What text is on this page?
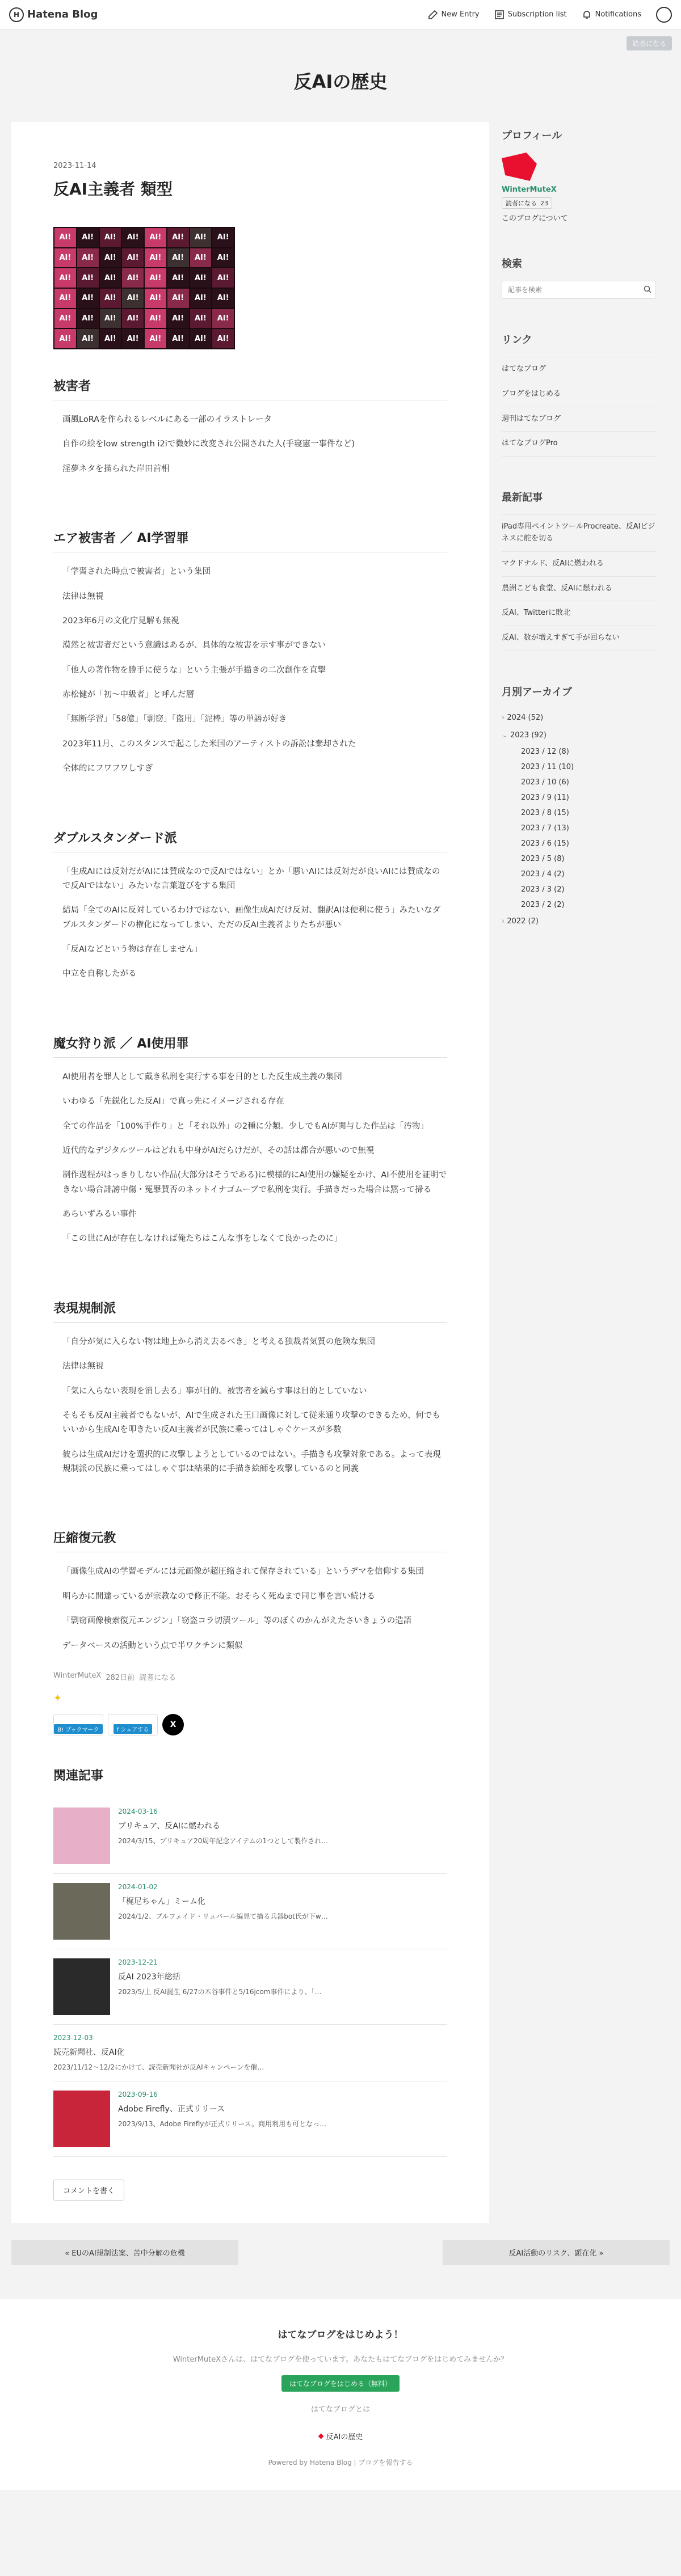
H Hatena Blog	New Entry	Subscription list	Notifications
読者になる
反AIの歴史
2023-11-14
反AI主義者 類型
AI!	AI!	AI!	AI!	AI!	AI!	AI!	AI!
AI!	AI!	AI!	AI!	AI!	AI!	AI!	AI!
AI!	AI!	AI!	AI!	AI!	AI!	AI!	AI!
AI!	AI!	AI!	AI!	AI!	AI!	AI!	AI!
AI!	AI!	AI!	AI!	AI!	AI!	AI!	AI!
AI!	AI!	AI!	AI!	AI!	AI!	AI!	AI!
被害者

画風LoRAを作られるレベルにある一部のイラストレータ

自作の絵をlow strength i2iで微妙に改変され公開された人(手寝憲一事件など)

淫夢ネタを描られた岸田首相

エア被害者 ／ AI学習罪

「学習された時点で被害者」という集団

法律は無視

2023年6月の文化庁見解も無視

漠然と被害者だという意識はあるが、具体的な被害を示す事ができない

「他人の著作物を勝手に使うな」という主張が手描きの二次創作を直撃

赤松健が「初〜中級者」と呼んだ層

「無断学習」「58億」「剽窃」「盗用」「泥棒」等の単語が好き

2023年11月、このスタンスで起こした米国のアーティストの訴訟は棄却された

全体的にフワフワしすぎ

ダブルスタンダード派

「生成AIには反対だがAIには賛成なので反AIではない」とか「悪いAIには反対だが良いAIには賛成なので反AIではない」みたいな言葉遊びをする集団

結局「全てのAIに反対しているわけではない、画像生成AIだけ反対、翻訳AIは便利に使う」みたいなダブルスタンダードの権化になってしまい、ただの反AI主義者よりたちが悪い

「反AIなどという物は存在しません」

中立を自称したがる

魔女狩り派 ／ AI使用罪

AI使用者を罪人として戴き私刑を実行する事を目的とした反生成主義の集団

いわゆる「先鋭化した反AI」で真っ先にイメージされる存在

全ての作品を「100%手作り」と「それ以外」の2種に分類。少しでもAIが関与した作品は「汚物」

近代的なデジタルツールはどれも中身がAIだらけだが、その話は都合が悪いので無視

制作過程がはっきりしない作品(大部分はそうである)に模様的にAI使用の嫌疑をかけ、AI不使用を証明できない場合誹謗中傷・冤罪賛否のネットイナゴムーブで私刑を実行。手描きだった場合は黙って掃る

あらいずみるい事件

「この世にAIが存在しなければ俺たちはこんな事をしなくて良かったのに」

表現規制派

「自分が気に入らない物は地上から消え去るべき」と考える独裁者気質の危険な集団

法律は無視

「気に入らない表現を消し去る」事が目的。被害者を減らす事は目的としていない

そもそも反AI主義者でもないが、AIで生成された王口画像に対して従来通り攻撃のできるため、何でもいいから生成AIを叩きたい反AI主義者が民族に乗ってはしゃぐケースが多数

彼らは生成AIだけを選択的に攻撃しようとしているのではない。手描きも攻撃対象である。よって表現規制派の民族に乗ってはしゃぐ事は結果的に手描き絵師を攻撃しているのと同義

圧縮復元教

「画像生成AIの学習モデルには元画像が超圧縮されて保存されている」というデマを信仰する集団

明らかに間違っているが宗教なので修正不能。おそらく死ぬまで同じ事を言い続ける

「剽窃画像検索復元エンジン」「窃盗コラ切漬ツール」等のぼくのかんがえたさいきょうの造語

データベースの活動という点で半ワクチンに類似

WinterMuteX 282日前 読者になる
✦
B! ブックマーク	f シェアする
X
関連記事
2024-03-16
プリキュア、反AIに燃われる
2024/3/15、プリキュア20周年記念アイテムの1つとして製作され…
2024-01-02
「梶尼ちゃん」ミーム化
2024/1/2、ブルフェイド・リュバール編見て描る兵器bot氏が下w…
2023-12-21
反AI 2023年総括
2023/5/上 反AI誕生 6/27の木谷事件と5/16jcom事件により、「…
2023-12-03
読売新聞社、反AI化
2023/11/12〜12/2にかけて、読売新聞社が反AIキャンペーンを催…
2023-09-16
Adobe Firefly、正式リリース
2023/9/13、Adobe Fireflyが正式リリース。商用利用も可となっ…
コメントを書く
プロフィール
WinterMuteX
読者になる 23
このブログについて
検索
記事を検索
リンク
はてなブログ
ブログをはじめる
週刊はてなブログ
はてなブログPro
最新記事
iPad専用ペイントツールProcreate、反AIビジネスに舵を切る
マクドナルド、反AIに燃われる
農洲こども食堂、反AIに燃われる
反AI、Twitterに敗北
反AI、数が増えすぎて手が回らない
月別アーカイブ
› 2024 (52)
⌄ 2023 (92)
2023 / 12 (8)
2023 / 11 (10)
2023 / 10 (6)
2023 / 9 (11)
2023 / 8 (15)
2023 / 7 (13)
2023 / 6 (15)
2023 / 5 (8)
2023 / 4 (2)
2023 / 3 (2)
2023 / 2 (2)
› 2022 (2)
« EUのAI規制法案、苦中分解の危機	反AI活動のリスク、顕在化 »
はてなブログをはじめよう！
WinterMuteXさんは、はてなブログを使っています。あなたもはてなブログをはじめてみませんか？
はてなブログをはじめる（無料）
はてなブログとは
◆ 反AIの歴史
Powered by Hatena Blog | ブログを報告する
